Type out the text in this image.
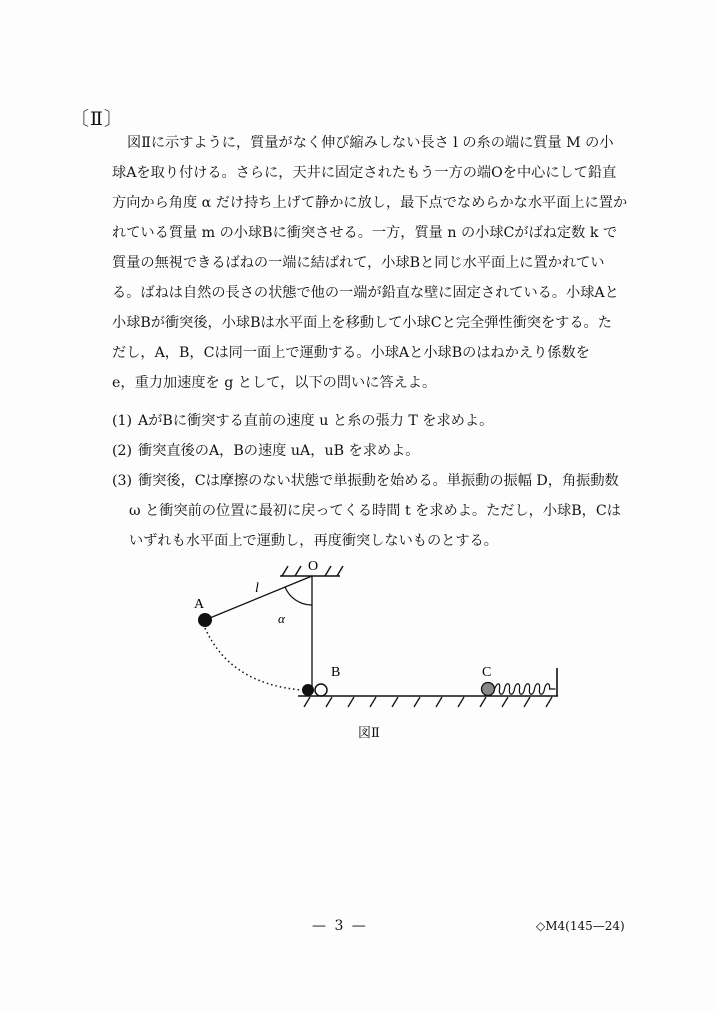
〔Ⅱ〕
図Ⅱに示すように，質量がなく伸び縮みしない長さ l の糸の端に質量 M の小
球Aを取り付ける。さらに，天井に固定されたもう一方の端Oを中心にして鉛直
方向から角度 α だけ持ち上げて静かに放し，最下点でなめらかな水平面上に置か
れている質量 m の小球Bに衝突させる。一方，質量 n の小球Cがばね定数 k で
質量の無視できるばねの一端に結ばれて，小球Bと同じ水平面上に置かれてい
る。ばねは自然の長さの状態で他の一端が鉛直な壁に固定されている。小球Aと
小球Bが衝突後，小球Bは水平面上を移動して小球Cと完全弾性衝突をする。た
だし，A，B，Cは同一面上で運動する。小球Aと小球Bのはねかえり係数を
e，重力加速度を g として，以下の問いに答えよ。
(1) AがBに衝突する直前の速度 u と糸の張力 T を求めよ。
(2) 衝突直後のA，Bの速度 uA，uB を求めよ。
(3) 衝突後，Cは摩擦のない状態で単振動を始める。単振動の振幅 D，角振動数
ω と衝突前の位置に最初に戻ってくる時間 t を求めよ。ただし，小球B，Cは
いずれも水平面上で運動し，再度衝突しないものとする。
O
l
α
A
B	C
図Ⅱ
— 3 —	◇M4(145—24)
